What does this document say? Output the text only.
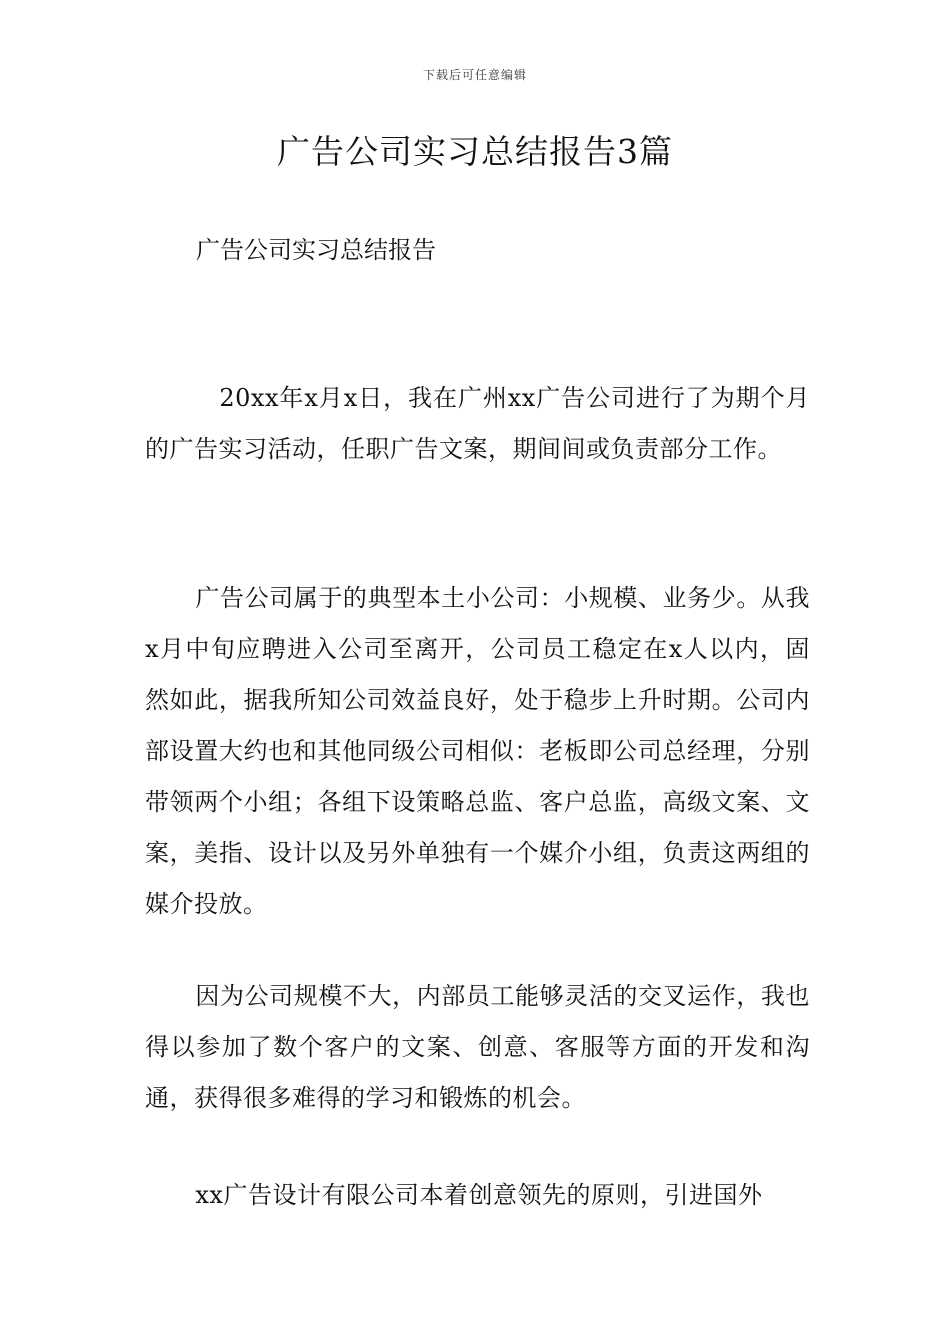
下载后可任意编辑
广告公司实习总结报告3篇

广告公司实习总结报告

20xx年x月x日，我在广州xx广告公司进行了为期个月的广告实习活动，任职广告文案，期间间或负责部分工作。

广告公司属于的典型本土小公司：小规模、业务少。从我x月中旬应聘进入公司至离开，公司员工稳定在x人以内，固然如此，据我所知公司效益良好，处于稳步上升时期。公司内部设置大约也和其他同级公司相似：老板即公司总经理，分别带领两个小组；各组下设策略总监、客户总监，高级文案、文案，美指、设计以及另外单独有一个媒介小组，负责这两组的媒介投放。

因为公司规模不大，内部员工能够灵活的交叉运作，我也得以参加了数个客户的文案、创意、客服等方面的开发和沟通，获得很多难得的学习和锻炼的机会。

xx广告设计有限公司本着创意领先的原则，引进国外
